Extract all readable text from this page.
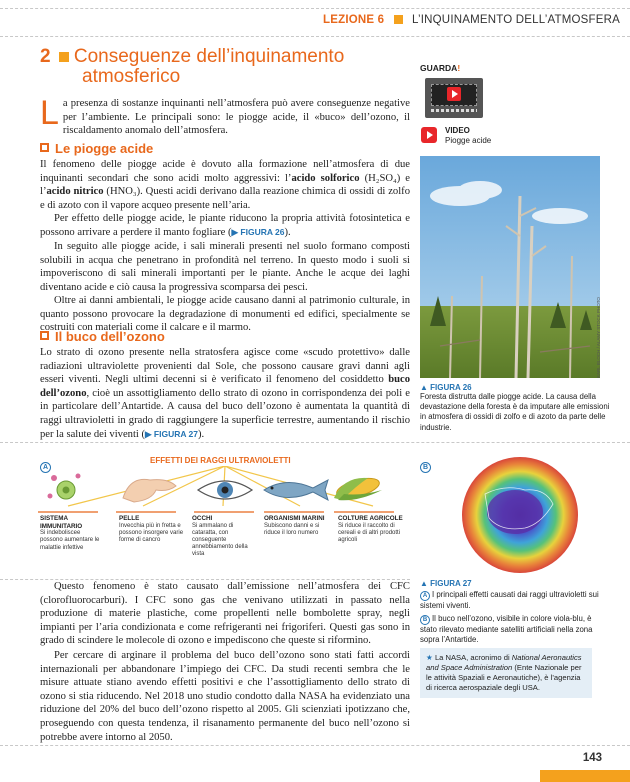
LEZIONE 6 L’INQUINAMENTO DELL’ATMOSFERA
2 Conseguenze dell’inquinamento
atmosferico
L a presenza di sostanze inquinanti nell’atmosfera può avere conseguenze negative per l’ambiente. Le principali sono: le piogge acide, il «buco» dell’ozono, il riscaldamento anomalo dell’atmosfera.
Le piogge acide
Il fenomeno delle piogge acide è dovuto alla formazione nell’atmosfera di due inquinanti secondari che sono acidi molto aggressivi: l’acido solforico (H₂SO₄) e l’acido nitrico (HNO₃). Questi acidi derivano dalla reazione chimica di ossidi di zolfo e di azoto con il vapore acqueo presente nell’aria.
Per effetto delle piogge acide, le piante riducono la propria attività fotosintetica e possono arrivare a perdere il manto fogliare (▶ FIGURA 26).
In seguito alle piogge acide, i sali minerali presenti nel suolo formano composti solubili in acqua che penetrano in profondità nel terreno. In questo modo i suoli si impoveriscono di sali minerali importanti per le piante. Anche le acque dei laghi diventano acide e ciò causa la progressiva scomparsa dei pesci.
Oltre ai danni ambientali, le piogge acide causano danni al patrimonio culturale, in quanto possono provocare la degradazione di monumenti ed edifici, specialmente se costruiti con materiali come il calcare e il marmo.
Il buco dell’ozono
Lo strato di ozono presente nella stratosfera agisce come «scudo protettivo» dalle radiazioni ultraviolette provenienti dal Sole, che possono causare gravi danni agli esseri viventi. Negli ultimi decenni si è verificato il fenomeno del cosiddetto buco dell’ozono, cioè un assottigliamento dello strato di ozono in corrispondenza dei poli e in particolare dell’Antartide. A causa del buco dell’ozono è aumentata la quantità di raggi ultravioletti in grado di raggiungere la superficie terrestre, aumentando il rischio per la salute dei viventi (▶ FIGURA 27).
A
EFFETTI DEI RAGGI ULTRAVIOLETTI
SISTEMA IMMUNITARIO
Si indeboliscee possono aumentare le malattie infettive
PELLE
Invecchia più in fretta e possono insorgere varie forme di cancro
OCCHI
Si ammalano di cataratta, con conseguente annebbiamento della vista
ORGANISMI MARINI
Subiscono danni e si riduce il loro numero
COLTURE AGRICOLE
Si riduce il raccolto di cereali e di altri prodotti agricoli
B
Questo fenomeno è stato causato dall’emissione nell’atmosfera dei CFC (clorofluorocarburi). I CFC sono gas che venivano utilizzati in passato nella produzione di materie plastiche, come propellenti nelle bombolette spray, negli impianti per l’aria condizionata e come refrigeranti nei frigoriferi. Questi gas sono in grado di scindere le molecole di ozono e impediscono che queste si riformino.
Per cercare di arginare il problema del buco dell’ozono sono stati fatti accordi internazionali per abbandonare l’impiego dei CFC. Da studi recenti sembra che le misure attuate stiano avendo effetti positivi e che l’assottigliamento dello strato di ozono si stia riducendo. Nel 2018 uno studio condotto dalla NASA ha evidenziato una riduzione del 20% del buco dell’ozono rispetto al 2005. Gli scienziati ipotizzano che, proseguendo con questa tendenza, il risanamento permanente del buco nell’ozono si potrebbe avere intorno al 2050.
GUARDA!
VIDEO
Piogge acide
KARL BLOCH / ALAMY STOCK PHOTO
▲ FIGURA 26
Foresta distrutta dalle piogge acide. La causa della devastazione della foresta è da imputare alle emissioni in atmosfera di ossidi di zolfo e di azoto da parte delle industrie.
▲ FIGURA 27
A I principali effetti causati dai raggi ultravioletti sui sistemi viventi.
B Il buco nell’ozono, visibile in colore viola-blu, è stato rilevato mediante satelliti artificiali nella zona sopra l’Antartide.
★ La NASA, acronimo di National Aeronautics and Space Administration (Ente Nazionale per le attività Spaziali e Aeronautiche), è l’agenzia di ricerca aerospaziale degli USA.
143
